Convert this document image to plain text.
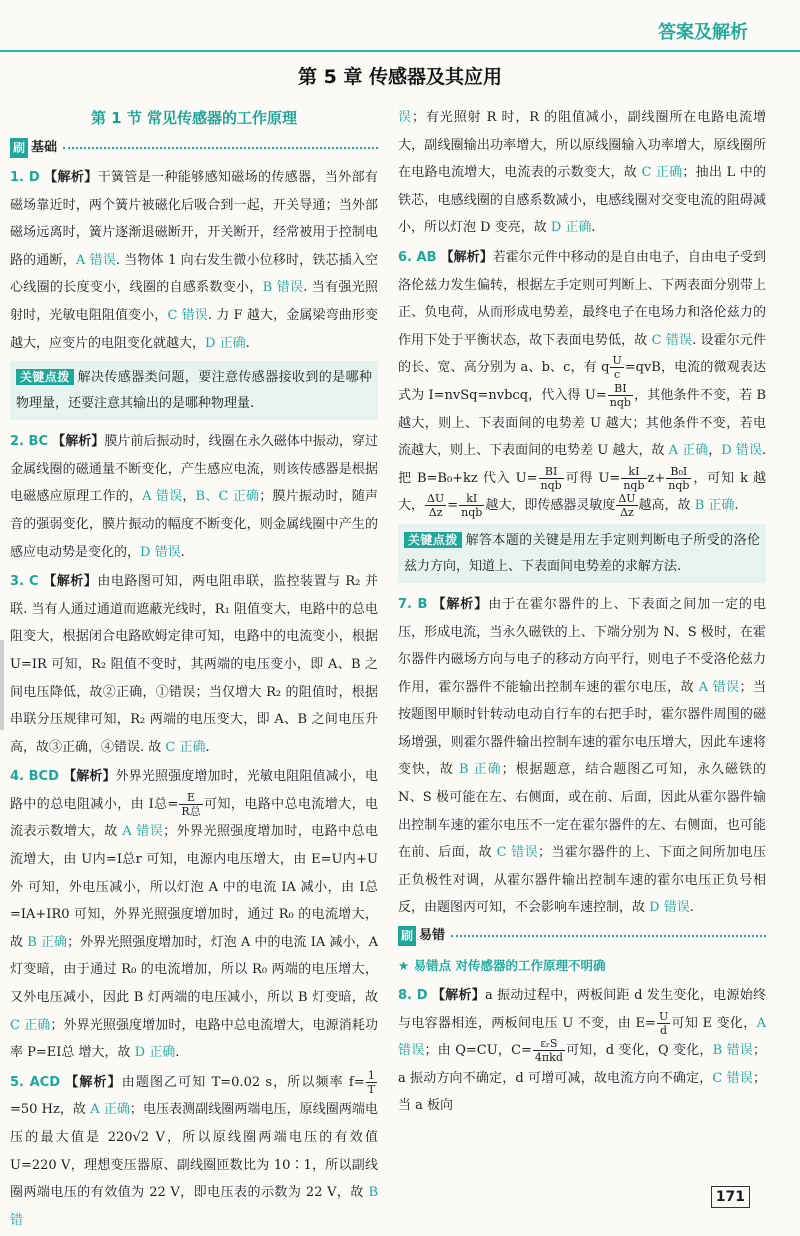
答案及解析
第 5 章 传感器及其应用
第 1 节 常见传感器的工作原理
刷 基础

1. D 【解析】干簧管是一种能够感知磁场的传感器，当外部有磁场靠近时，两个簧片被磁化后吸合到一起，开关导通；当外部磁场远离时，簧片逐渐退磁断开，开关断开，经常被用于控制电路的通断，A 错误. 当物体 1 向右发生微小位移时，铁芯插入空心线圈的长度变小，线圈的自感系数变小，B 错误. 当有强光照射时，光敏电阻阻值变小，C 错误. 力 F 越大，金属梁弯曲形变越大，应变片的电阻变化就越大，D 正确.

关键点拨 解决传感器类问题，要注意传感器接收到的是哪种物理量，还要注意其输出的是哪种物理量.

2. BC 【解析】膜片前后振动时，线圈在永久磁体中振动，穿过金属线圈的磁通量不断变化，产生感应电流，则该传感器是根据电磁感应原理工作的，A 错误，B、C 正确；膜片振动时，随声音的强弱变化，膜片振动的幅度不断变化，则金属线圈中产生的感应电动势是变化的，D 错误.

3. C 【解析】由电路图可知，两电阻串联，监控装置与 R₂ 并联. 当有人通过通道而遮蔽光线时，R₁ 阻值变大，电路中的总电阻变大，根据闭合电路欧姆定律可知，电路中的电流变小，根据 U=IR 可知，R₂ 阻值不变时，其两端的电压变小，即 A、B 之间电压降低，故②正确，①错误；当仅增大 R₂ 的阻值时，根据串联分压规律可知，R₂ 两端的电压变大，即 A、B 之间电压升高，故③正确，④错误. 故 C 正确.

4. BCD 【解析】外界光照强度增加时，光敏电阻阻值减小，电路中的总电阻减小，由 I总= $\frac{E}{\text{R总}}$ 可知，电路中总电流增大，电流表示数增大，故 A 错误；外界光照强度增加时，电路中总电流增大，由 U内=I总r 可知，电源内电压增大，由 E=U内+U外 可知，外电压减小，所以灯泡 A 中的电流 IA 减小，由 I总=IA+IR0 可知，外界光照强度增加时，通过 R₀ 的电流增大，故 B 正确；外界光照强度增加时，灯泡 A 中的电流 IA 减小，A 灯变暗，由于通过 R₀ 的电流增加，所以 R₀ 两端的电压增大，又外电压减小，因此 B 灯两端的电压减小，所以 B 灯变暗，故 C 正确；外界光照强度增加时，电路中总电流增大，电源消耗功率 P=EI总 增大，故 D 正确.

5. ACD 【解析】由题图乙可知 T=0.02 s，所以频率 $f= \frac{1}{T}$
=50 Hz，故 A 正确；电压表测副线圈两端电压，原线圈两端电压的最大值是 220√2 V，所以原线圈两端电压的有效值 U=220 V，理想变压器原、副线圈匝数比为 10∶1，所以副线圈两端电压的有效值为 22 V，即电压表的示数为 22 V，故 B 错

误；有光照射 R 时，R 的阻值减小，副线圈所在电路电流增大，副线圈输出功率增大，所以原线圈输入功率增大，原线圈所在电路电流增大，电流表的示数变大，故 C 正确；抽出 L 中的铁芯，电感线圈的自感系数减小，电感线圈对交变电流的阻碍减小，所以灯泡 D 变亮，故 D 正确.

6. AB 【解析】若霍尔元件中移动的是自由电子，自由电子受到洛伦兹力发生偏转，根据左手定则可判断上、下两表面分别带上正、负电荷，从而形成电势差，最终电子在电场力和洛伦兹力的作用下处于平衡状态，故下表面电势低，故 C 错误. 设霍尔元件的长、宽、高分别为 a、b、c，有 q $\frac{U}{c} =qvB$，电流的微观表达式为 I=nvSq=nvbcq，代入得 $U= \frac{BI}{\text{nqb}}$ ，其他条件不变，若 B 越大，则上、下表面间的电势差 U 越大；其他条件不变，若电流越大，则上、下表面间的电势差 U 越大，故 A 正确，D 错误. 把 B=B₀+kz 代入 $U= \frac{BI}{\text{nqb}}$ 可得 $U= \frac{kI}{\text{nqb}} z+ \frac{\text{B₀I}}{\text{nqb}}$ ，可知 k 越大， $\frac{\Delta U}{\Delta z} = \frac{kI}{\text{nqb}}$ 越大，即传感器灵敏度 $\frac{\Delta U}{\Delta z}$ 越高，故 B 正确.

关键点拨 解答本题的关键是用左手定则判断电子所受的洛伦兹力方向，知道上、下表面间电势差的求解方法.

7. B 【解析】由于在霍尔器件的上、下表面之间加一定的电压，形成电流，当永久磁铁的上、下端分别为 N、S 极时，在霍尔器件内磁场方向与电子的移动方向平行，则电子不受洛伦兹力作用，霍尔器件不能输出控制车速的霍尔电压，故 A 错误；当按题图甲顺时针转动电动自行车的右把手时，霍尔器件周围的磁场增强，则霍尔器件输出控制车速的霍尔电压增大，因此车速将变快，故 B 正确；根据题意，结合题图乙可知，永久磁铁的 N、S 极可能在左、右侧面，或在前、后面，因此从霍尔器件输出控制车速的霍尔电压不一定在霍尔器件的左、右侧面，也可能在前、后面，故 C 错误；当霍尔器件的上、下面之间所加电压正负极性对调，从霍尔器件输出控制车速的霍尔电压正负号相反，由题图丙可知，不会影响车速控制，故 D 错误.

刷 易错
★ 易错点 对传感器的工作原理不明确

8. D 【解析】a 振动过程中，两板间距 d 发生变化，电源始终与电容器相连，两板间电压 U 不变，由 $E= \frac{U}{d}$ 可知 E 变化，A 错误；由 Q=CU，$C= \frac{\text{εᵣS}}{\text{4πkd}}$ 可知，d 变化，Q 变化，B 错误；a 振动方向不确定，d 可增可减，故电流方向不确定，C 错误；当 a 板向

171
